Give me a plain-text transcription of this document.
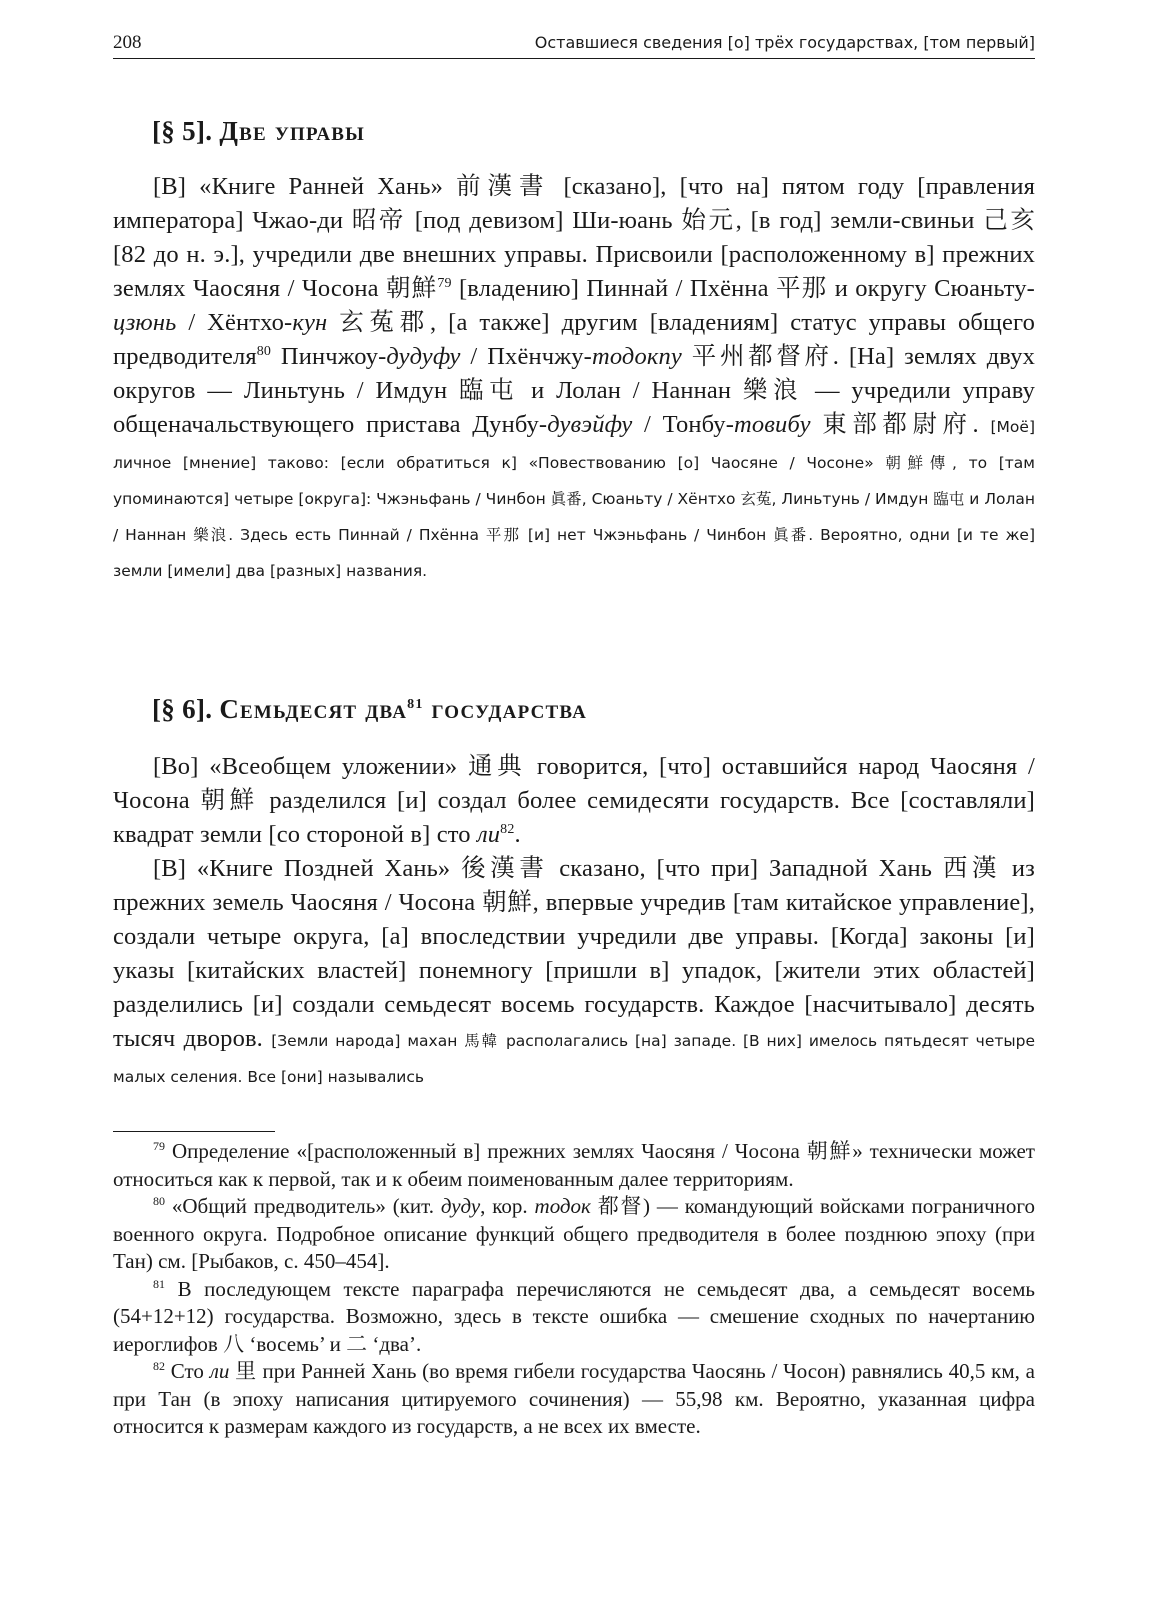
208	Оставшиеся сведения [о] трёх государствах, [том первый]
[§ 5]. Две управы

[В] «Книге Ранней Хань» 前漢書 [сказано], [что на] пятом году [правления императора] Чжао-ди 昭帝 [под девизом] Ши-юань 始元, [в год] земли-свиньи 己亥 [82 до н. э.], учредили две внешних управы. Присвоили [расположенному в] прежних землях Чаосяня / Чосона 朝鮮$^{79}$ [владению] Пиннай / Пхённа 平那 и округу Сюаньту-цзюнь / Хёнтхо-кун 玄菟郡, [а также] другим [владениям] статус управы общего предводителя$^{80}$ Пинчжоу-дудуфу / Пхёнчжу-тодокпу 平州都督府. [На] землях двух округов — Линьтунь / Имдун 臨屯 и Лолан / Наннан 樂浪 — учредили управу общеначальствующего пристава Дунбу-дувэйфу / Тонбу-товибу 東部都尉府. [Моё] личное [мнение] таково: [если обратиться к] «Повествованию [о] Чаосяне / Чосоне» 朝鮮傳, то [там упоминаются] четыре [округа]: Чжэньфань / Чинбон 眞番, Сюаньту / Хёнтхо 玄菟, Линьтунь / Имдун 臨屯 и Лолан / Наннан 樂浪. Здесь есть Пиннай / Пхённа 平那 [и] нет Чжэньфань / Чинбон 眞番. Вероятно, одни [и те же] земли [имели] два [разных] названия.

[§ 6]. Семьдесят два$^{81}$ государства

[Во] «Всеобщем уложении» 通典 говорится, [что] оставшийся народ Чаосяня / Чосона 朝鮮 разделился [и] создал более семидесяти государств. Все [составляли] квадрат земли [со стороной в] сто $ли^{82}$.

[В] «Книге Поздней Хань» 後漢書 сказано, [что при] Западной Хань 西漢 из прежних земель Чаосяня / Чосона 朝鮮, впервые учредив [там китайское управление], создали четыре округа, [а] впоследствии учредили две управы. [Когда] законы [и] указы [китайских властей] понемногу [пришли в] упадок, [жители этих областей] разделились [и] создали семьдесят восемь государств. Каждое [насчитывало] десять тысяч дворов. [Земли народа] махан 馬韓 располагались [на] западе. [В них] имелось пятьдесят четыре малых селения. Все [они] назывались

$^{79}$ Определение «[расположенный в] прежних землях Чаосяня / Чосона 朝鮮» технически может относиться как к первой, так и к обеим поименованным далее территориям.

$^{80}$ «Общий предводитель» (кит. дуду, кор. тодок 都督) — командующий войсками пограничного военного округа. Подробное описание функций общего предводителя в более позднюю эпоху (при Тан) см. [Рыбаков, с. 450–454].

$^{81}$ В последующем тексте параграфа перечисляются не семьдесят два, а семьдесят восемь (54+12+12) государства. Возможно, здесь в тексте ошибка — смешение сходных по начертанию иероглифов 八 ‘восемь’ и 二 ‘два’.

$^{82}$ Сто ли 里 при Ранней Хань (во время гибели государства Чаосянь / Чосон) равнялись 40,5 км, а при Тан (в эпоху написания цитируемого сочинения) — 55,98 км. Вероятно, указанная цифра относится к размерам каждого из государств, а не всех их вместе.
